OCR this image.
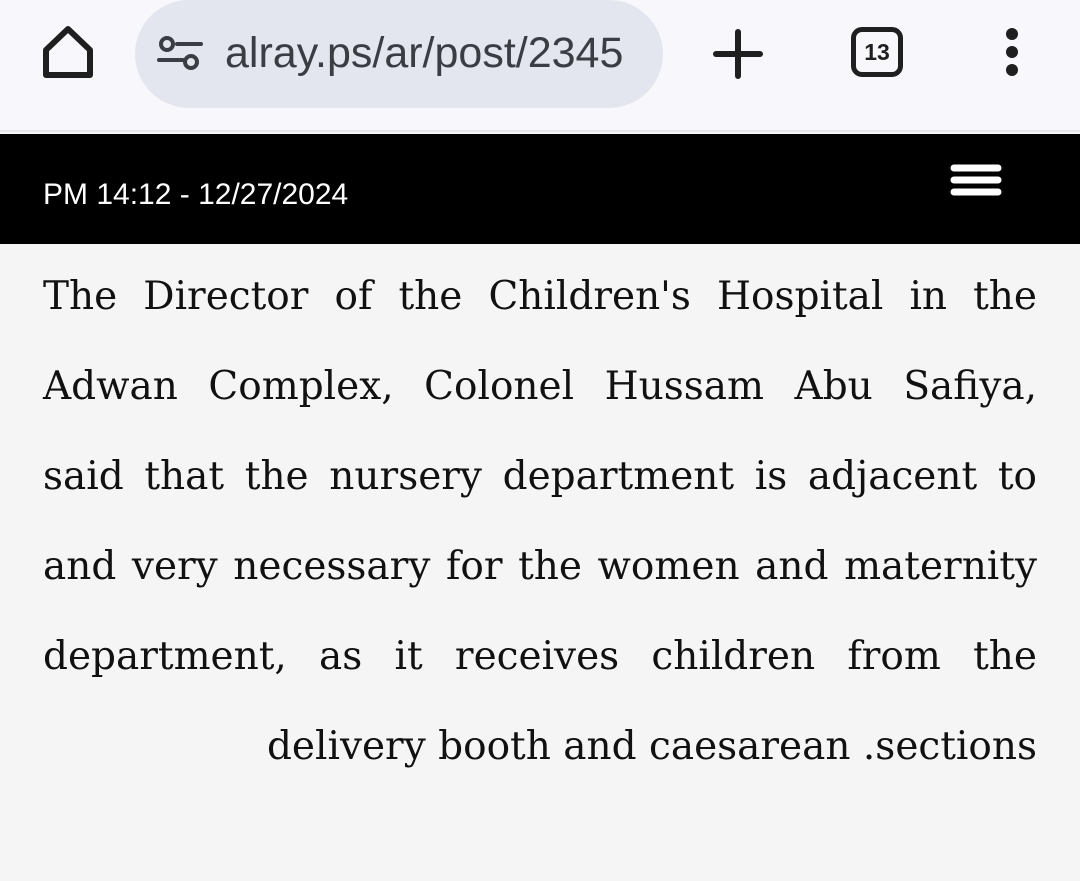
alray.ps/ar/post/2345	13
PM 14:12 - 12/27/2024

The Director of the Children's Hospital in the Adwan Complex, Colonel Hussam Abu Safiya, said that the nursery department is adjacent to and very necessary for the women and maternity department, as it receives children from the delivery booth and caesarean .sections
